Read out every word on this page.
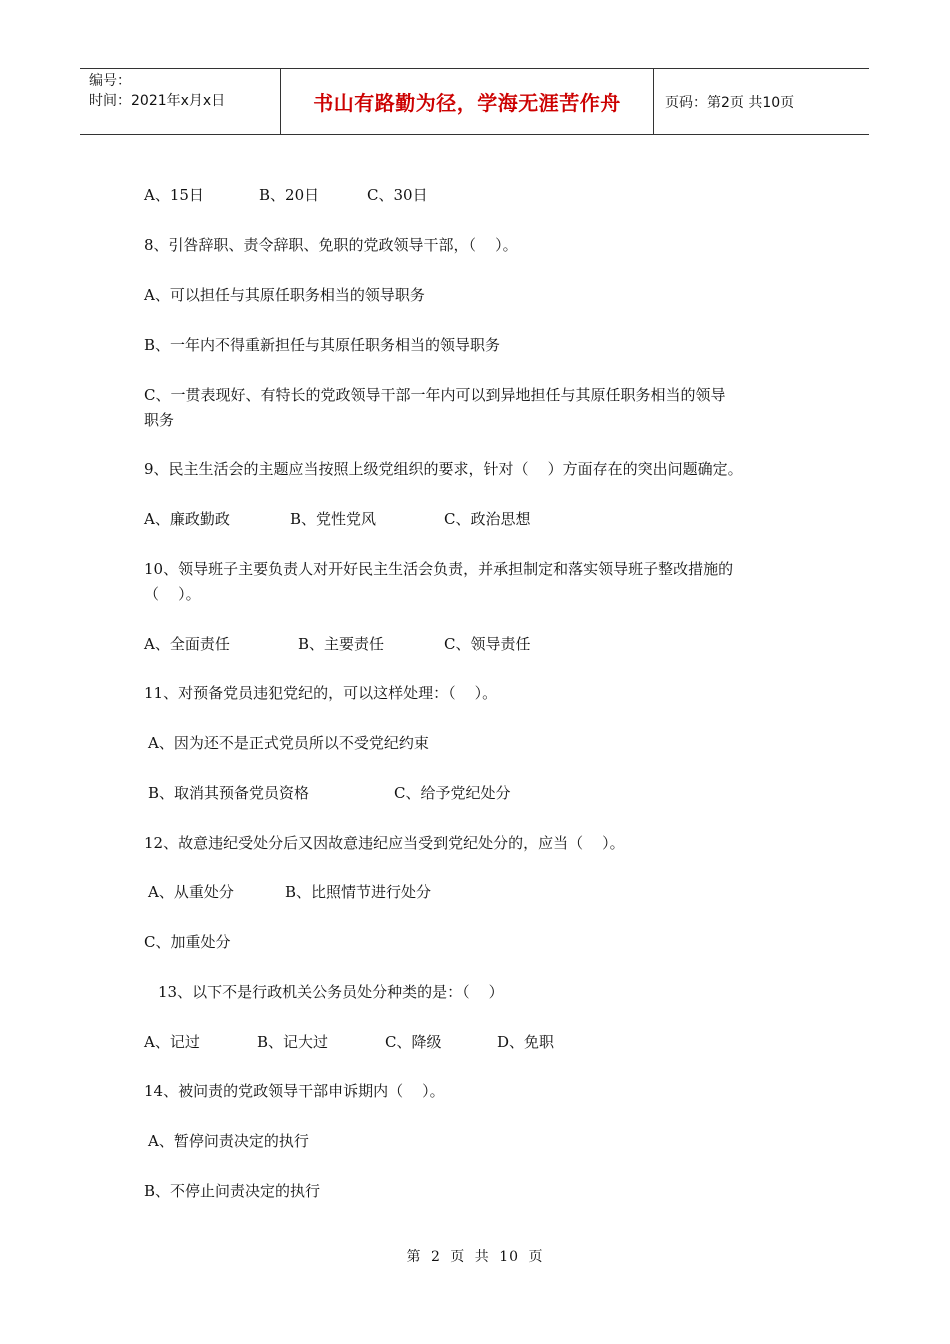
编号：
时间：2021年x月x日	书山有路勤为径，学海无涯苦作舟	页码：第2页 共10页
A、15日	B、20日	C、30日
8、引咎辞职、责令辞职、免职的党政领导干部，（    ）。
A、可以担任与其原任职务相当的领导职务
B、一年内不得重新担任与其原任职务相当的领导职务
C、一贯表现好、有特长的党政领导干部一年内可以到异地担任与其原任职务相当的领导
职务
9、民主生活会的主题应当按照上级党组织的要求，针对（    ）方面存在的突出问题确定。
A、廉政勤政	B、党性党风	C、政治思想
10、领导班子主要负责人对开好民主生活会负责，并承担制定和落实领导班子整改措施的
（    ）。
A、全面责任	B、主要责任	C、领导责任
11、对预备党员违犯党纪的，可以这样处理：（    ）。
A、因为还不是正式党员所以不受党纪约束
B、取消其预备党员资格	C、给予党纪处分
12、故意违纪受处分后又因故意违纪应当受到党纪处分的，应当（    ）。
A、从重处分	B、比照情节进行处分
C、加重处分
13、以下不是行政机关公务员处分种类的是：（    ）
A、记过	B、记大过	C、降级	D、免职
14、被问责的党政领导干部申诉期内（    ）。
A、暂停问责决定的执行
B、不停止问责决定的执行
第 2 页 共 10 页
